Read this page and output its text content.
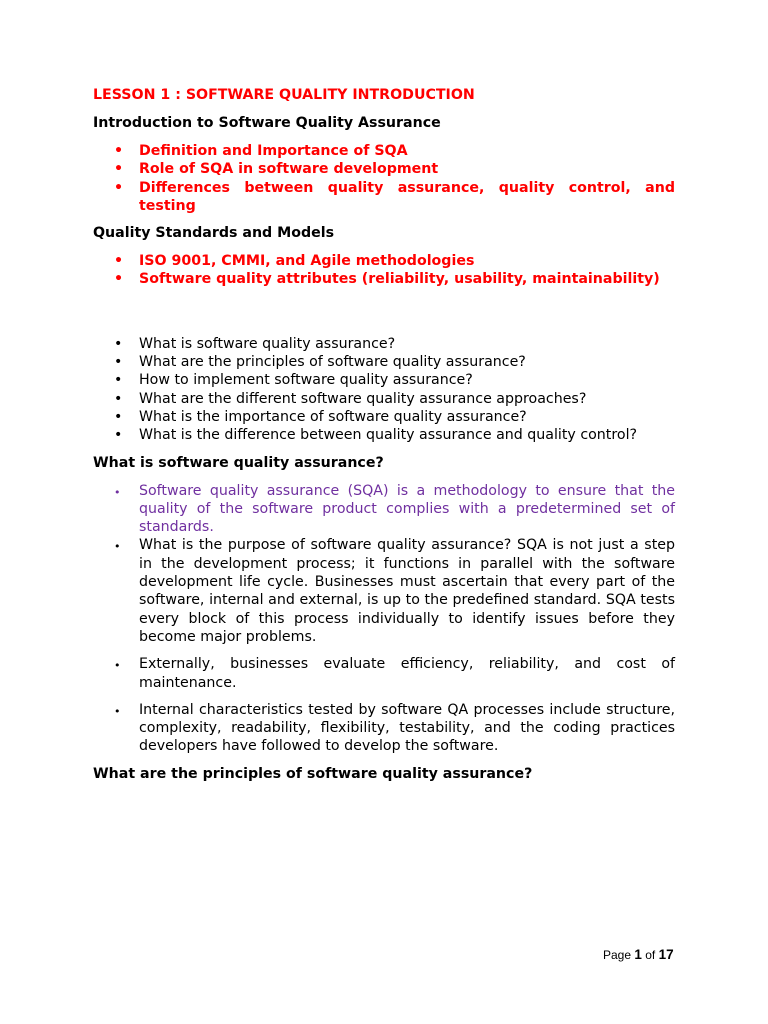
LESSON 1 : SOFTWARE QUALITY INTRODUCTION
Introduction to Software Quality Assurance
• Definition and Importance of SQA
• Role of SQA in software development
• Differences between quality assurance, quality control, and testing
Quality Standards and Models
• ISO 9001, CMMI, and Agile methodologies
• Software quality attributes (reliability, usability, maintainability)
• What is software quality assurance?
• What are the principles of software quality assurance?
• How to implement software quality assurance?
• What are the different software quality assurance approaches?
• What is the importance of software quality assurance?
• What is the difference between quality assurance and quality control?
What is software quality assurance?
• Software quality assurance (SQA) is a methodology to ensure that the quality of the software product complies with a predetermined set of standards.
• What is the purpose of software quality assurance? SQA is not just a step in the development process; it functions in parallel with the software development life cycle. Businesses must ascertain that every part of the software, internal and external, is up to the predefined standard. SQA tests every block of this process individually to identify issues before they become major problems.
• Externally, businesses evaluate efficiency, reliability, and cost of maintenance.
• Internal characteristics tested by software QA processes include structure, complexity, readability, flexibility, testability, and the coding practices developers have followed to develop the software.
What are the principles of software quality assurance?
Page 1 of 17
